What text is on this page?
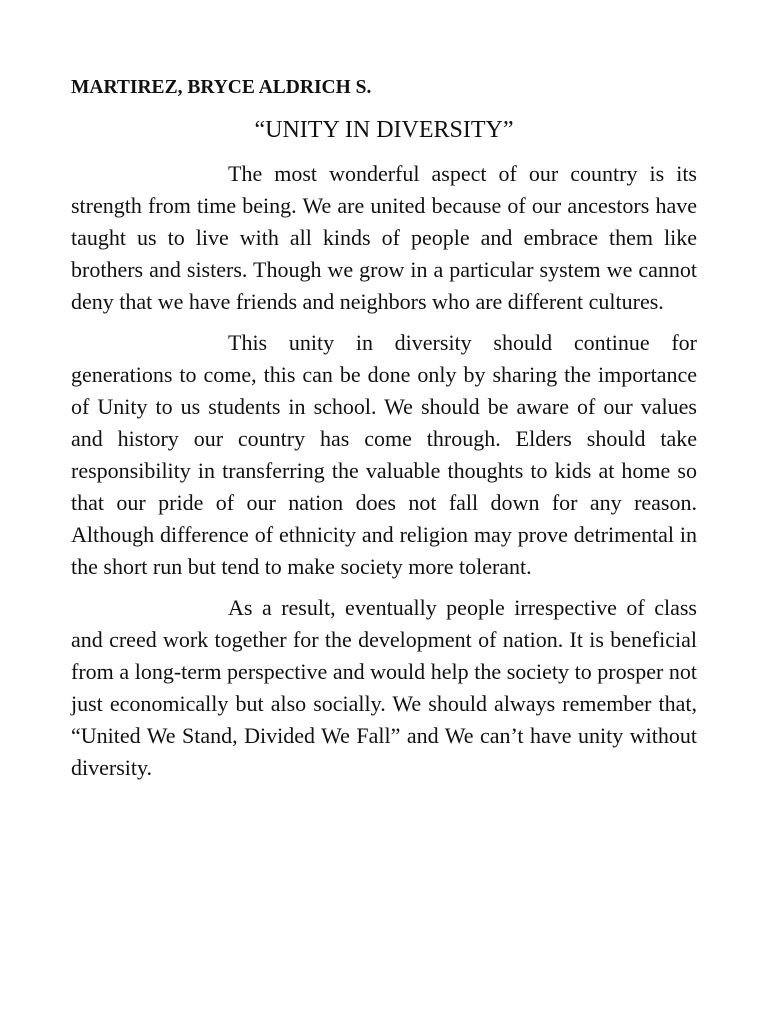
MARTIREZ, BRYCE ALDRICH S.
“UNITY IN DIVERSITY”

The most wonderful aspect of our country is its strength from time being. We are united because of our ancestors have taught us to live with all kinds of people and embrace them like brothers and sisters. Though we grow in a particular system we cannot deny that we have friends and neighbors who are different cultures.

This unity in diversity should continue for generations to come, this can be done only by sharing the importance of Unity to us students in school. We should be aware of our values and history our country has come through. Elders should take responsibility in transferring the valuable thoughts to kids at home so that our pride of our nation does not fall down for any reason. Although difference of ethnicity and religion may prove detrimental in the short run but tend to make society more tolerant.

As a result, eventually people irrespective of class and creed work together for the development of nation. It is beneficial from a long-term perspective and would help the society to prosper not just economically but also socially. We should always remember that, “United We Stand, Divided We Fall” and We can’t have unity without diversity.
